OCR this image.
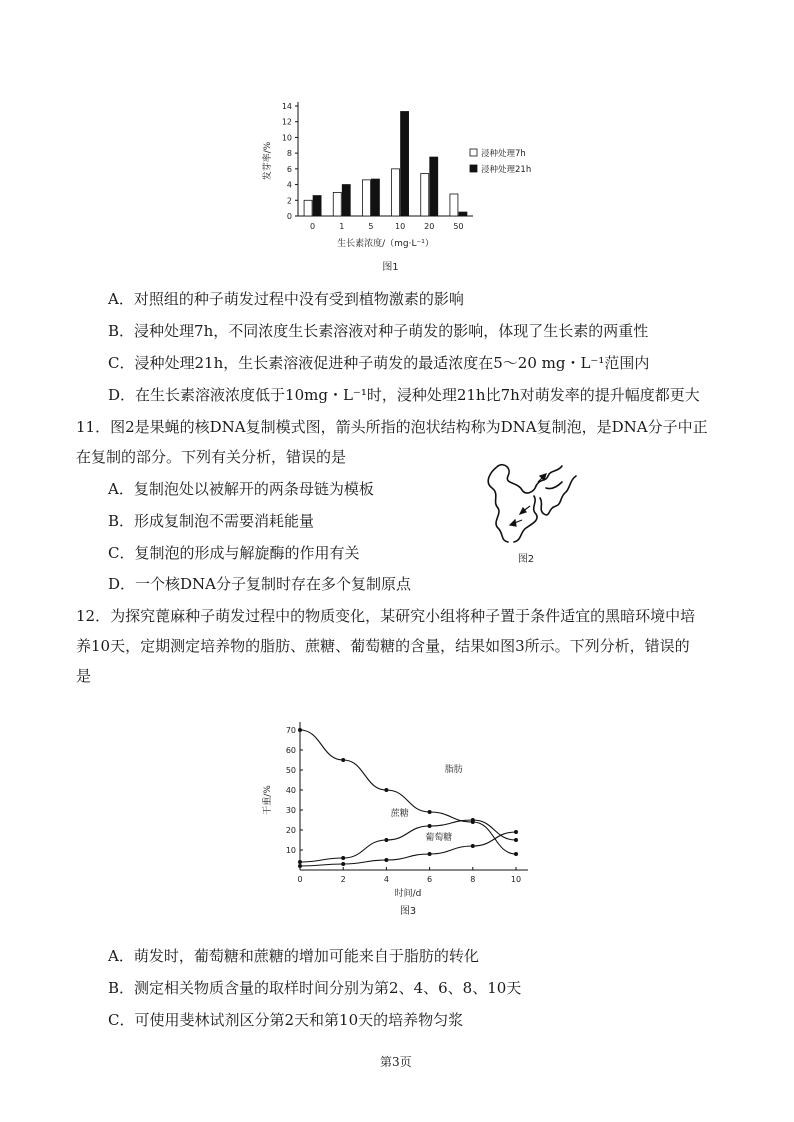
0
2
4
6
8
10
12
14
0	1	5	10 20 50
发芽率/%
生长素浓度/（mg·L⁻¹）
浸种处理7h
浸种处理21h
图1
A．对照组的种子萌发过程中没有受到植物激素的影响
B．浸种处理7h，不同浓度生长素溶液对种子萌发的影响，体现了生长素的两重性
C．浸种处理21h，生长素溶液促进种子萌发的最适浓度在5～20 mg・L⁻¹范围内
D．在生长素溶液浓度低于10mg・L⁻¹时，浸种处理21h比7h对萌发率的提升幅度都更大
11．图2是果蝇的核DNA复制模式图，箭头所指的泡状结构称为DNA复制泡，是DNA分子中正
在复制的部分。下列有关分析，错误的是
A．复制泡处以被解开的两条母链为模板
B．形成复制泡不需要消耗能量
C．复制泡的形成与解旋酶的作用有关
D．一个核DNA分子复制时存在多个复制原点
图2
12．为探究蓖麻种子萌发过程中的物质变化，某研究小组将种子置于条件适宜的黑暗环境中培
养10天，定期测定培养物的脂肪、蔗糖、葡萄糖的含量，结果如图3所示。下列分析，错误的
是
10
20
30
40
50
60
70
0	2	4	6	8	10
脂肪
蔗糖
葡萄糖
干重/%
时间/d
图3
A．萌发时，葡萄糖和蔗糖的增加可能来自于脂肪的转化
B．测定相关物质含量的取样时间分别为第2、4、6、8、10天
C．可使用斐林试剂区分第2天和第10天的培养物匀浆
第3页
